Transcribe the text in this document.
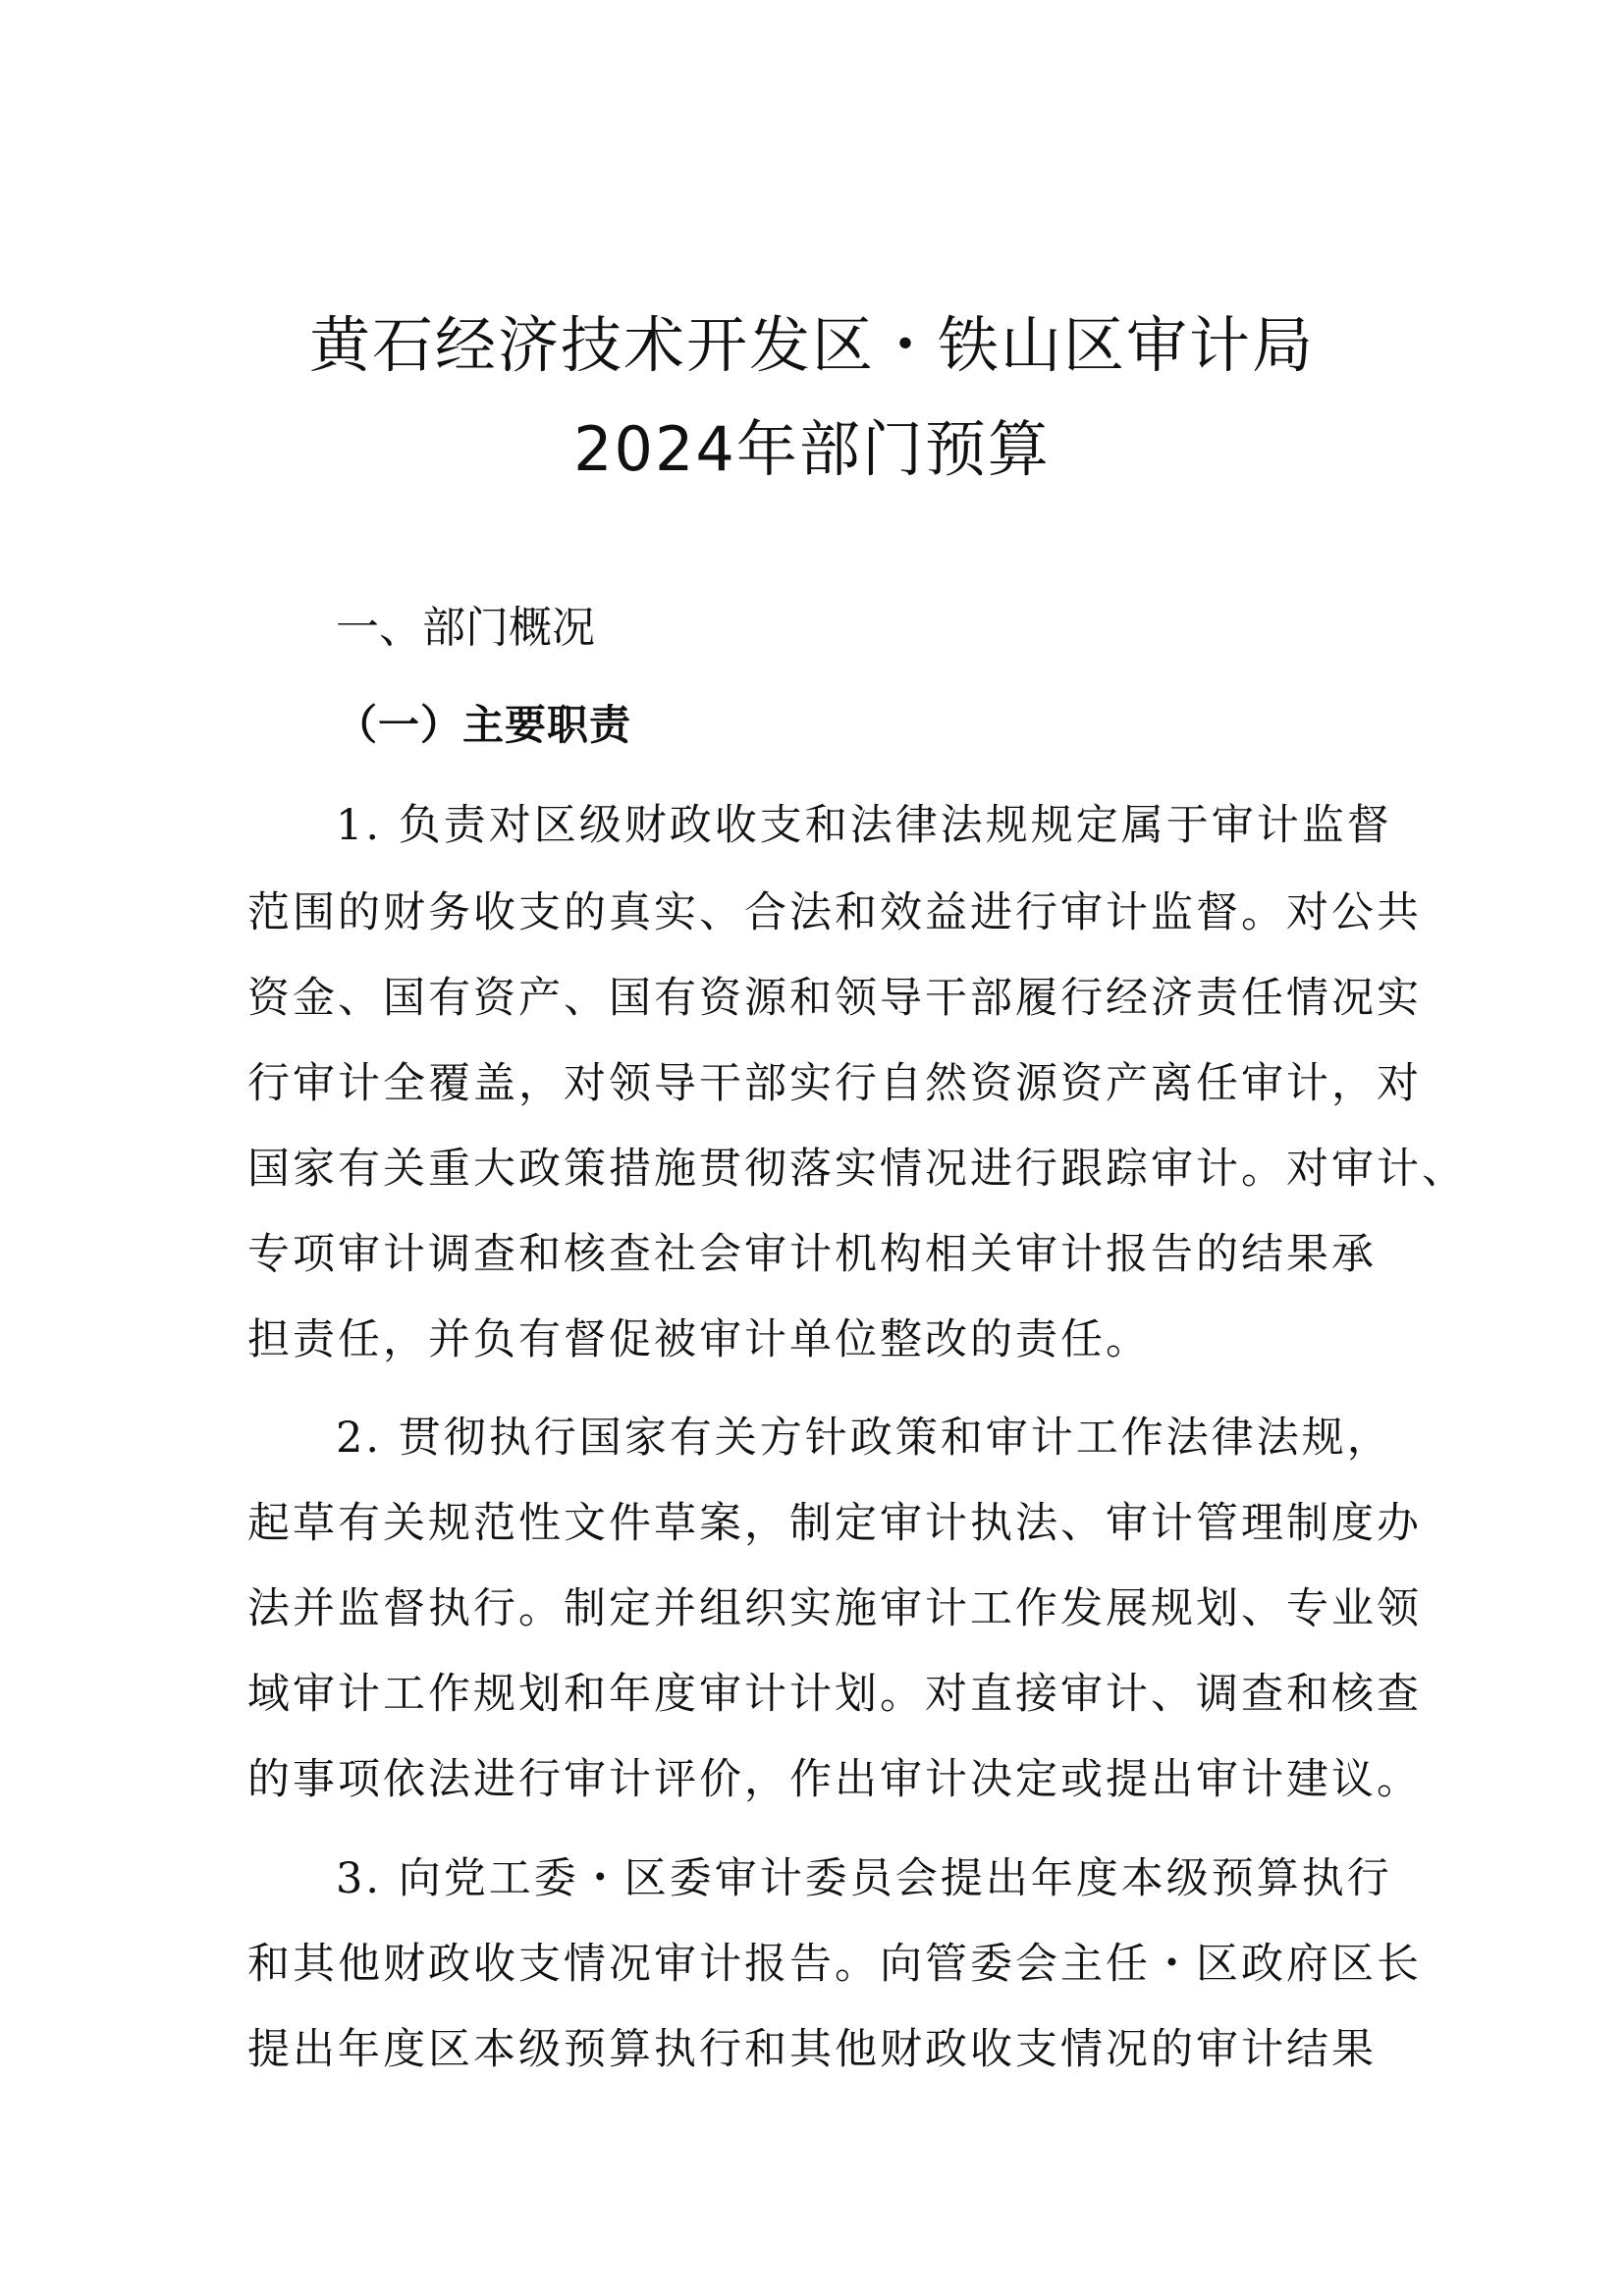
黄石经济技术开发区・铁山区审计局
2024年部门预算
一、部门概况
（一）主要职责
1. 负责对区级财政收支和法律法规规定属于审计监督
范围的财务收支的真实、合法和效益进行审计监督。对公共
资金、国有资产、国有资源和领导干部履行经济责任情况实
行审计全覆盖，对领导干部实行自然资源资产离任审计，对
国家有关重大政策措施贯彻落实情况进行跟踪审计。对审计、
专项审计调查和核查社会审计机构相关审计报告的结果承
担责任，并负有督促被审计单位整改的责任。
2. 贯彻执行国家有关方针政策和审计工作法律法规，
起草有关规范性文件草案，制定审计执法、审计管理制度办
法并监督执行。制定并组织实施审计工作发展规划、专业领
域审计工作规划和年度审计计划。对直接审计、调查和核查
的事项依法进行审计评价，作出审计决定或提出审计建议。
3. 向党工委・区委审计委员会提出年度本级预算执行
和其他财政收支情况审计报告。向管委会主任・区政府区长
提出年度区本级预算执行和其他财政收支情况的审计结果
